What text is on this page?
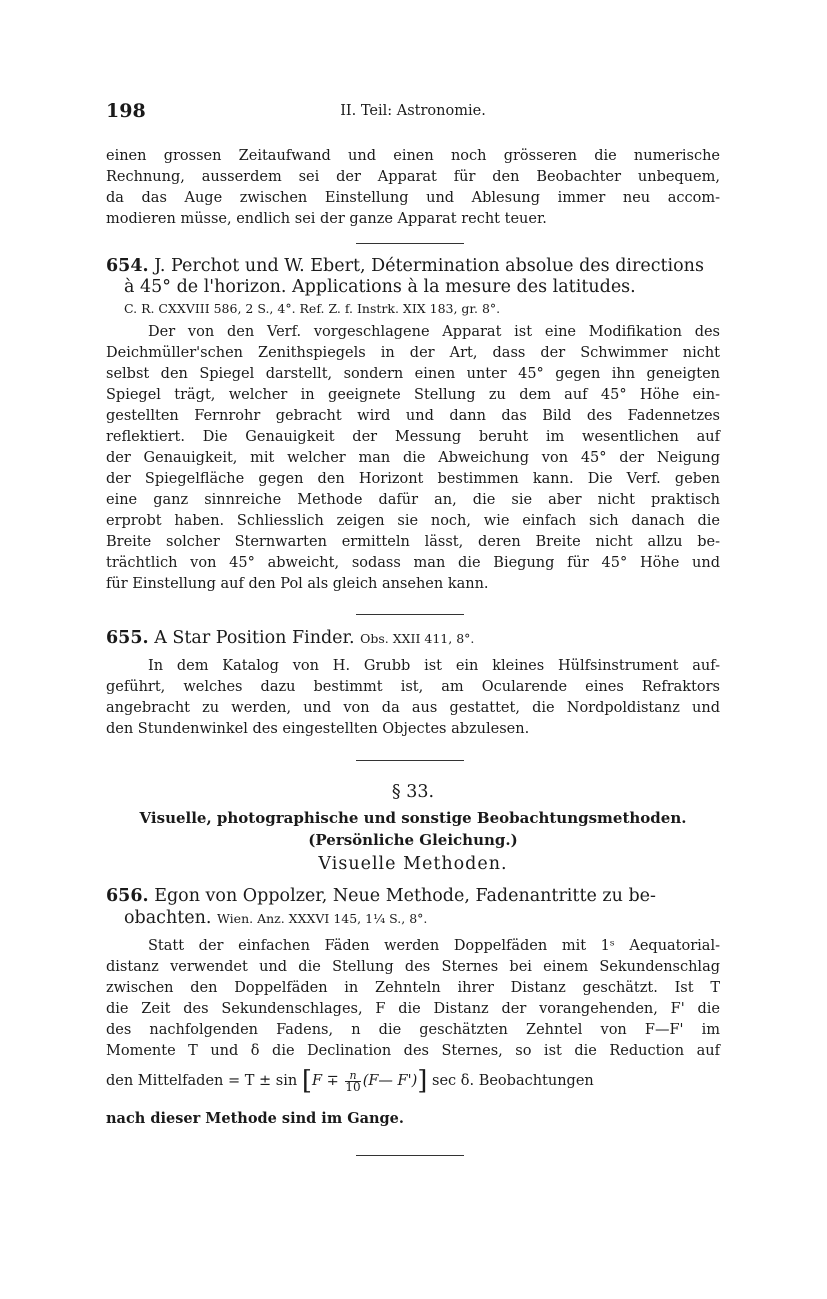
198	II. Teil: Astronomie.
einen grossen Zeitaufwand und einen noch grösseren die numerische
Rechnung, ausserdem sei der Apparat für den Beobachter unbequem,
da das Auge zwischen Einstellung und Ablesung immer neu accom-
modieren müsse, endlich sei der ganze Apparat recht teuer.
654. J. Perchot und W. Ebert, Détermination absolue des directions
à 45° de l'horizon. Applications à la mesure des latitudes.
C. R. CXXVIII 586, 2 S., 4°. Ref. Z. f. Instrk. XIX 183, gr. 8°.
Der von den Verf. vorgeschlagene Apparat ist eine Modifikation des
Deichmüller'schen Zenithspiegels in der Art, dass der Schwimmer nicht
selbst den Spiegel darstellt, sondern einen unter 45° gegen ihn geneigten
Spiegel trägt, welcher in geeignete Stellung zu dem auf 45° Höhe ein-
gestellten Fernrohr gebracht wird und dann das Bild des Fadennetzes
reflektiert. Die Genauigkeit der Messung beruht im wesentlichen auf
der Genauigkeit, mit welcher man die Abweichung von 45° der Neigung
der Spiegelfläche gegen den Horizont bestimmen kann. Die Verf. geben
eine ganz sinnreiche Methode dafür an, die sie aber nicht praktisch
erprobt haben. Schliesslich zeigen sie noch, wie einfach sich danach die
Breite solcher Sternwarten ermitteln lässt, deren Breite nicht allzu be-
trächtlich von 45° abweicht, sodass man die Biegung für 45° Höhe und
für Einstellung auf den Pol als gleich ansehen kann.
655. A Star Position Finder. Obs. XXII 411, 8°.
In dem Katalog von H. Grubb ist ein kleines Hülfsinstrument auf-
geführt, welches dazu bestimmt ist, am Ocularende eines Refraktors
angebracht zu werden, und von da aus gestattet, die Nordpoldistanz und
den Stundenwinkel des eingestellten Objectes abzulesen.
§ 33.
Visuelle, photographische und sonstige Beobachtungsmethoden.
(Persönliche Gleichung.)
Visuelle Methoden.
656. Egon von Oppolzer, Neue Methode, Fadenantritte zu be-
obachten. Wien. Anz. XXXVI 145, 1¼ S., 8°.
Statt der einfachen Fäden werden Doppelfäden mit 1ˢ Aequatorial-
distanz verwendet und die Stellung des Sternes bei einem Sekundenschlag
zwischen den Doppelfäden in Zehnteln ihrer Distanz geschätzt. Ist T
die Zeit des Sekundenschlages, F die Distanz der vorangehenden, F' die
des nachfolgenden Fadens, n die geschätzten Zehntel von F—F' im
Momente T und δ die Declination des Sternes, so ist die Reduction auf
den Mittelfaden = $T \pm \sin [F \mp \frac{n}{10}$ (F— F')] sec δ. Beobachtungen
nach dieser Methode sind im Gange.
